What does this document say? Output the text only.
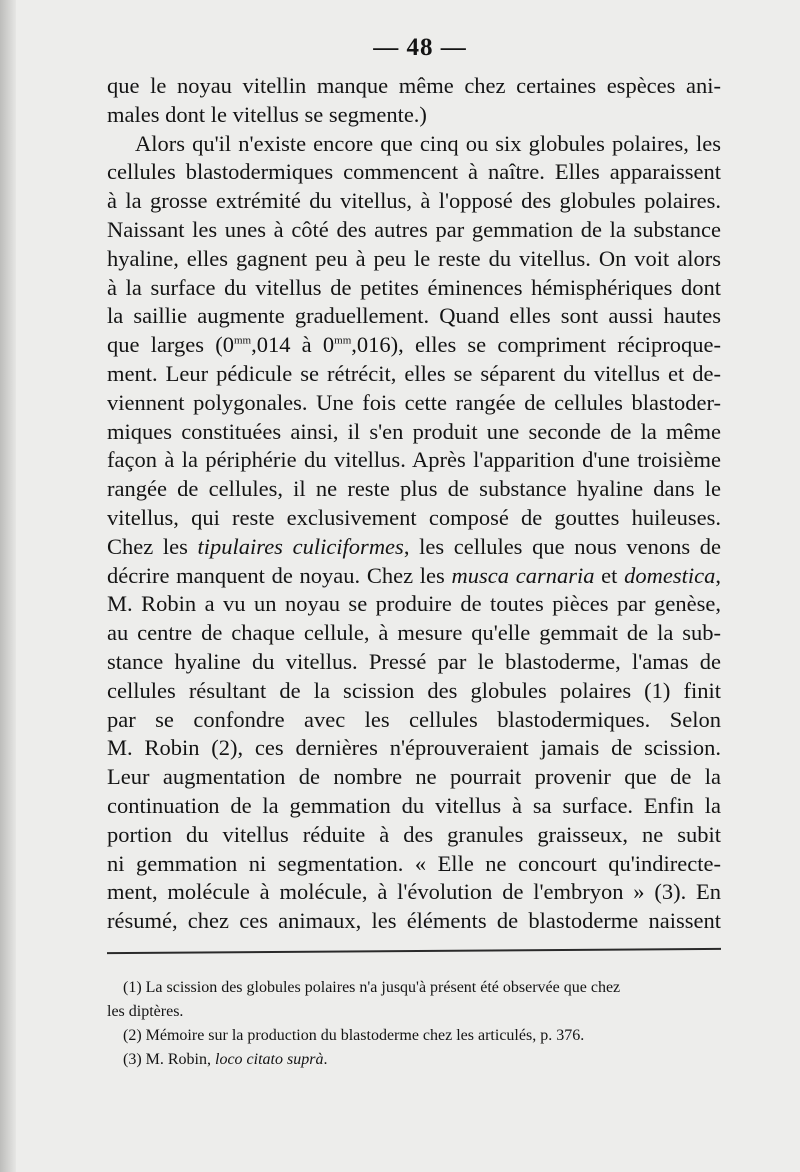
— 48 —
que le noyau vitellin manque même chez certaines espèces ani-
males dont le vitellus se segmente.)
Alors qu'il n'existe encore que cinq ou six globules polaires, les
cellules blastodermiques commencent à naître. Elles apparaissent
à la grosse extrémité du vitellus, à l'opposé des globules polaires.
Naissant les unes à côté des autres par gemmation de la substance
hyaline, elles gagnent peu à peu le reste du vitellus. On voit alors
à la surface du vitellus de petites éminences hémisphériques dont
la saillie augmente graduellement. Quand elles sont aussi hautes
que larges ($0^{mm},014$ à $0^{mm},016$), elles se compriment réciproque-
ment. Leur pédicule se rétrécit, elles se séparent du vitellus et de-
viennent polygonales. Une fois cette rangée de cellules blastoder-
miques constituées ainsi, il s'en produit une seconde de la même
façon à la périphérie du vitellus. Après l'apparition d'une troisième
rangée de cellules, il ne reste plus de substance hyaline dans le
vitellus, qui reste exclusivement composé de gouttes huileuses.
Chez les tipulaires culiciformes, les cellules que nous venons de
décrire manquent de noyau. Chez les musca carnaria et domestica,
M. Robin a vu un noyau se produire de toutes pièces par genèse,
au centre de chaque cellule, à mesure qu'elle gemmait de la sub-
stance hyaline du vitellus. Pressé par le blastoderme, l'amas de
cellules résultant de la scission des globules polaires (1) finit
par se confondre avec les cellules blastodermiques. Selon
M. Robin (2), ces dernières n'éprouveraient jamais de scission.
Leur augmentation de nombre ne pourrait provenir que de la
continuation de la gemmation du vitellus à sa surface. Enfin la
portion du vitellus réduite à des granules graisseux, ne subit
ni gemmation ni segmentation. « Elle ne concourt qu'indirecte-
ment, molécule à molécule, à l'évolution de l'embryon » (3). En
résumé, chez ces animaux, les éléments de blastoderme naissent
(1) La scission des globules polaires n'a jusqu'à présent été observée que chez
les diptères.
(2) Mémoire sur la production du blastoderme chez les articulés, p. 376.
(3) M. Robin, loco citato suprà.
